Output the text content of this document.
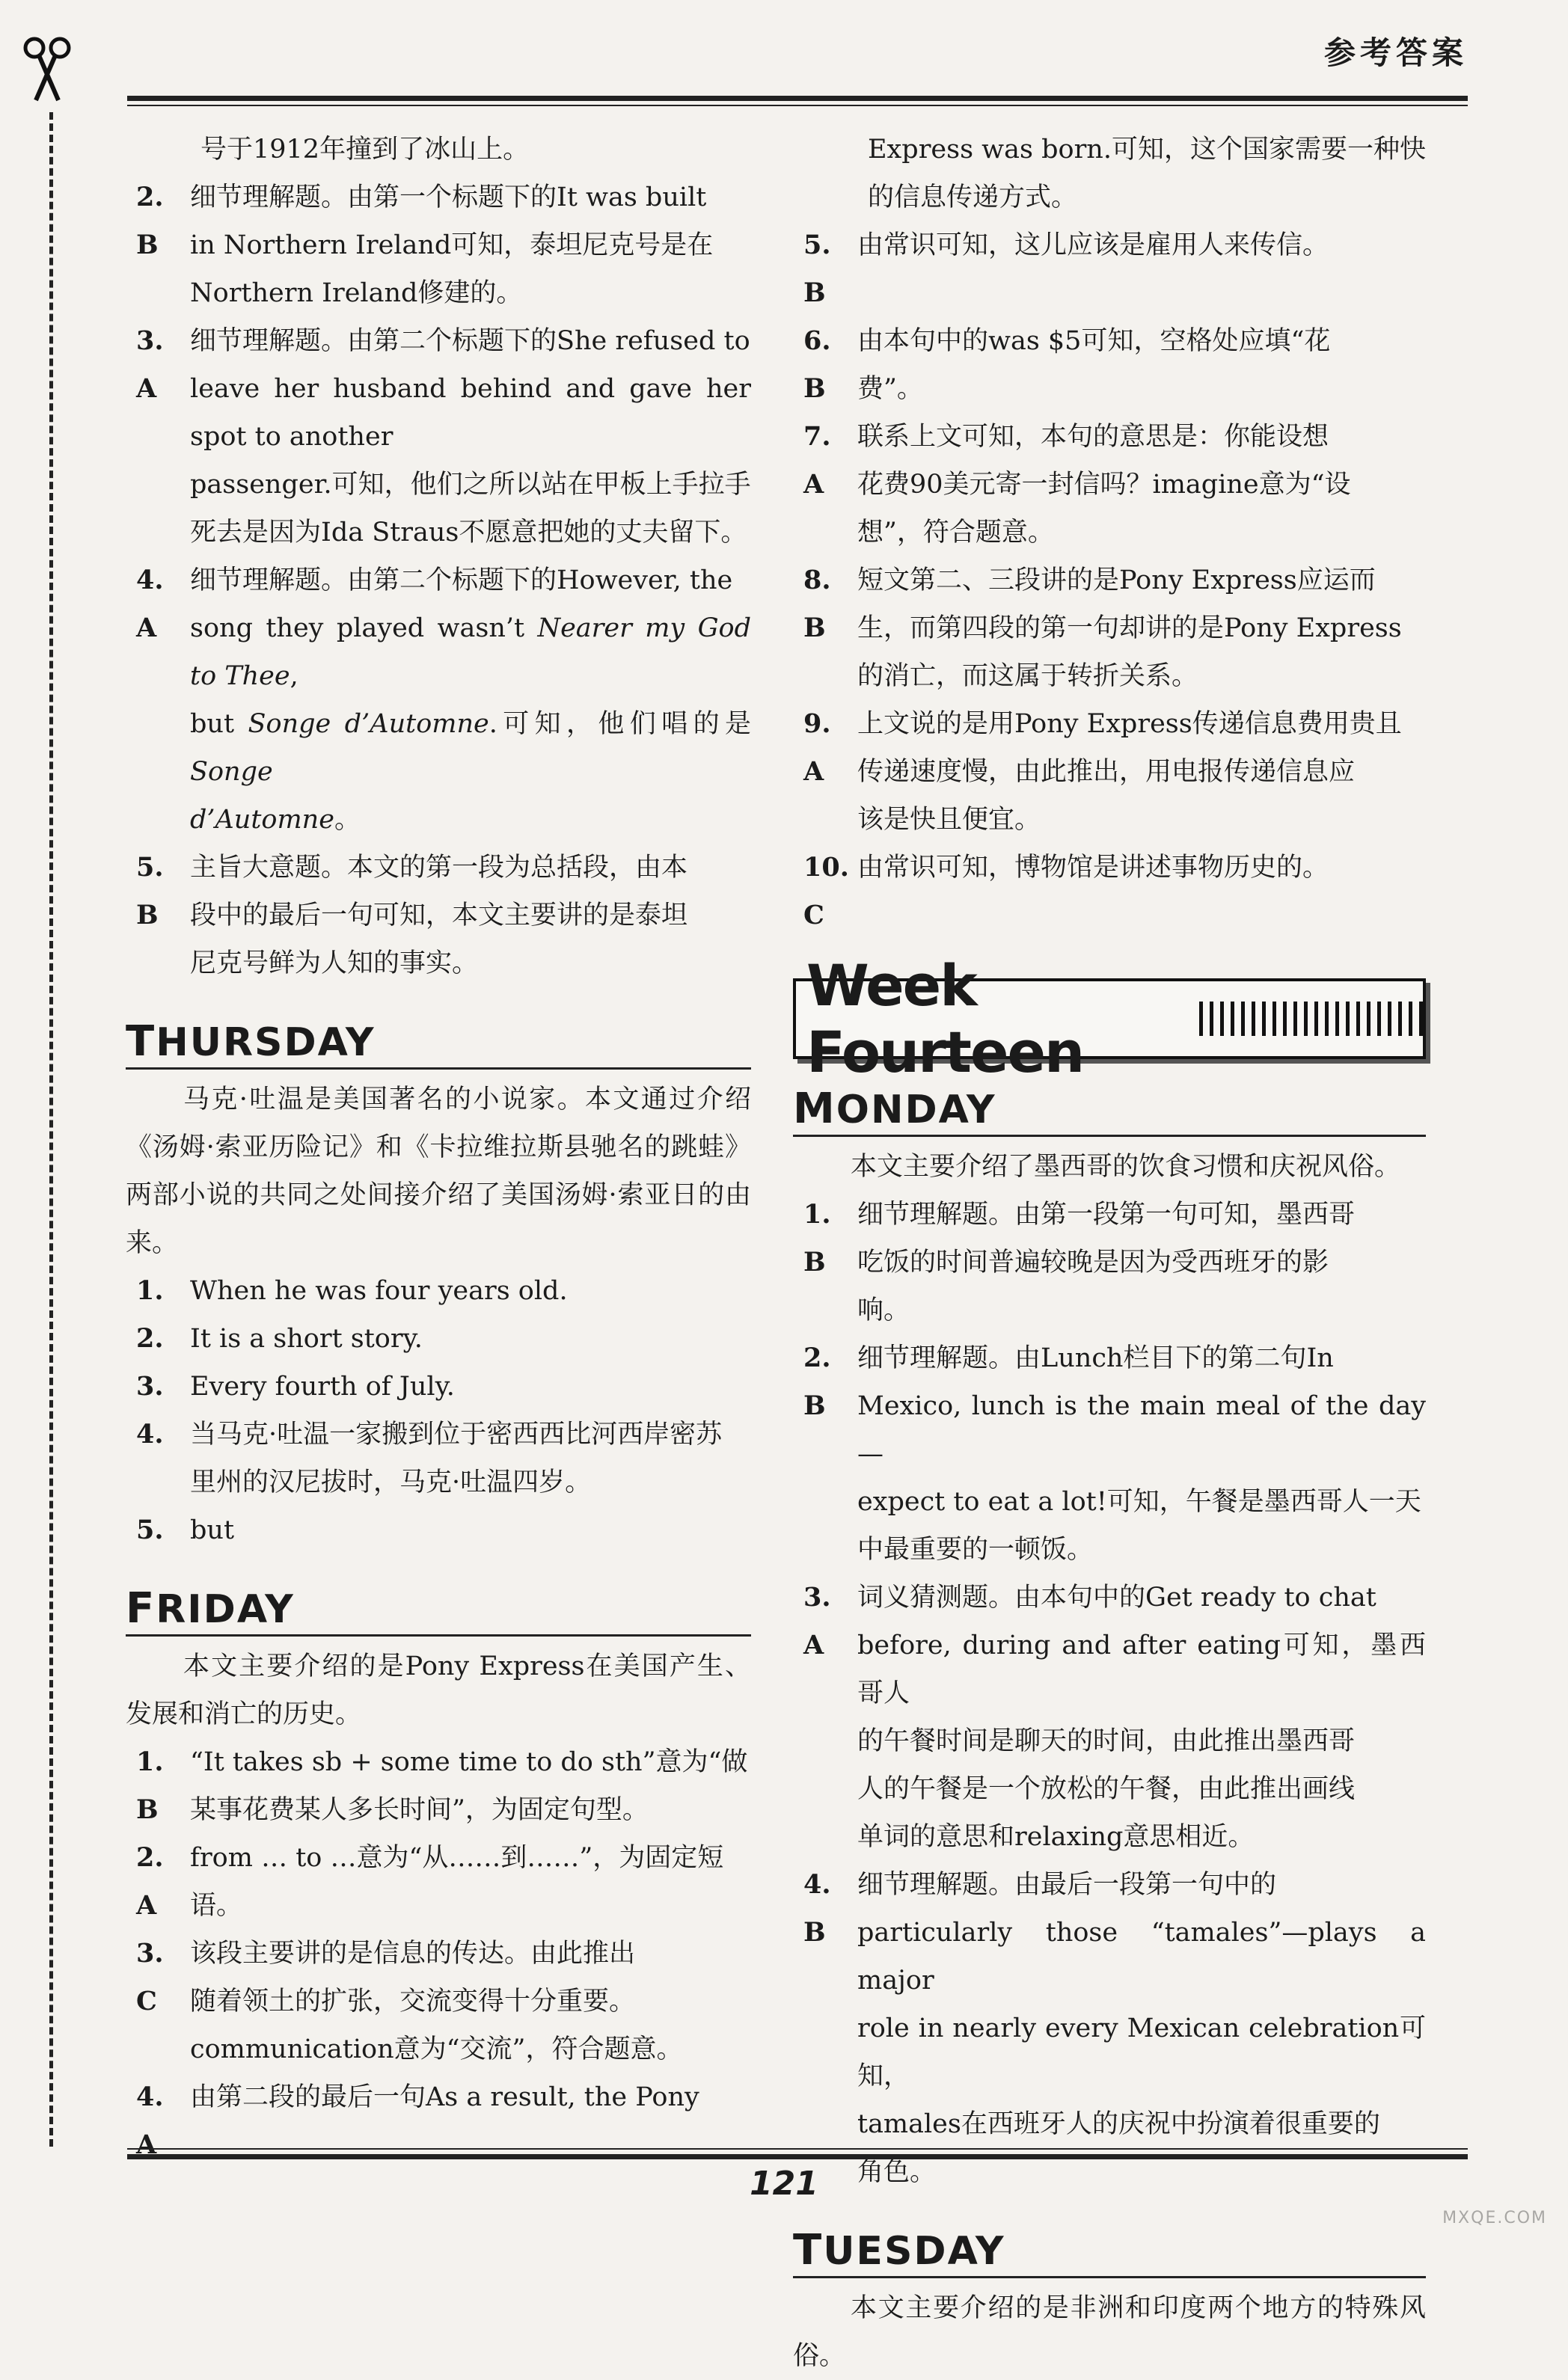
参考答案
号于1912年撞到了冰山上。
2. B
细节理解题。由第一个标题下的It was built
in Northern Ireland可知，泰坦尼克号是在
Northern Ireland修建的。
3. A
细节理解题。由第二个标题下的She refused to
leave her husband behind and gave her spot to another
passenger.可知，他们之所以站在甲板上手拉手
死去是因为Ida Straus不愿意把她的丈夫留下。
4. A
细节理解题。由第二个标题下的However, the
song they played wasn’t Nearer my God to Thee,
but Songe d’Automne.可知，他们唱的是Songe
d’Automne。
5. B
主旨大意题。本文的第一段为总括段，由本
段中的最后一句可知，本文主要讲的是泰坦
尼克号鲜为人知的事实。
THURSDAY
马克·吐温是美国著名的小说家。本文通过介绍《汤姆·索亚历险记》和《卡拉维拉斯县驰名的跳蛙》两部小说的共同之处间接介绍了美国汤姆·索亚日的由来。
1.	When he was four years old.
2.	It is a short story.
3.	Every fourth of July.
4.	当马克·吐温一家搬到位于密西西比河西岸密苏
里州的汉尼拔时，马克·吐温四岁。
5.	but
FRIDAY
本文主要介绍的是Pony Express在美国产生、发展和消亡的历史。
1. B
“It takes sb + some time to do sth”意为“做
某事花费某人多长时间”，为固定句型。
2. A
from … to …意为“从……到……”，为固定短
语。
3. C
该段主要讲的是信息的传达。由此推出
随着领土的扩张，交流变得十分重要。
communication意为“交流”，符合题意。
4. A
由第二段的最后一句As a result, the Pony
Express was born.可知，这个国家需要一种快
的信息传递方式。
5. B
由常识可知，这儿应该是雇用人来传信。
6. B
由本句中的was $5可知，空格处应填“花
费”。
7. A
联系上文可知，本句的意思是：你能设想
花费90美元寄一封信吗？imagine意为“设
想”，符合题意。
8. B
短文第二、三段讲的是Pony Express应运而
生，而第四段的第一句却讲的是Pony Express
的消亡，而这属于转折关系。
9. A
上文说的是用Pony Express传递信息费用贵且
传递速度慢，由此推出，用电报传递信息应
该是快且便宜。
10. C
由常识可知，博物馆是讲述事物历史的。
Week Fourteen
MONDAY
本文主要介绍了墨西哥的饮食习惯和庆祝风俗。
1. B
细节理解题。由第一段第一句可知，墨西哥
吃饭的时间普遍较晚是因为受西班牙的影
响。
2. B
细节理解题。由Lunch栏目下的第二句In
Mexico, lunch is the main meal of the day—
expect to eat a lot!可知，午餐是墨西哥人一天
中最重要的一顿饭。
3. A
词义猜测题。由本句中的Get ready to chat
before, during and after eating可知，墨西哥人
的午餐时间是聊天的时间，由此推出墨西哥
人的午餐是一个放松的午餐，由此推出画线
单词的意思和relaxing意思相近。
4. B
细节理解题。由最后一段第一句中的
particularly those “tamales”—plays a major
role in nearly every Mexican celebration可知，
tamales在西班牙人的庆祝中扮演着很重要的
角色。
TUESDAY
本文主要介绍的是非洲和印度两个地方的特殊风俗。
121
MXQE.COM
